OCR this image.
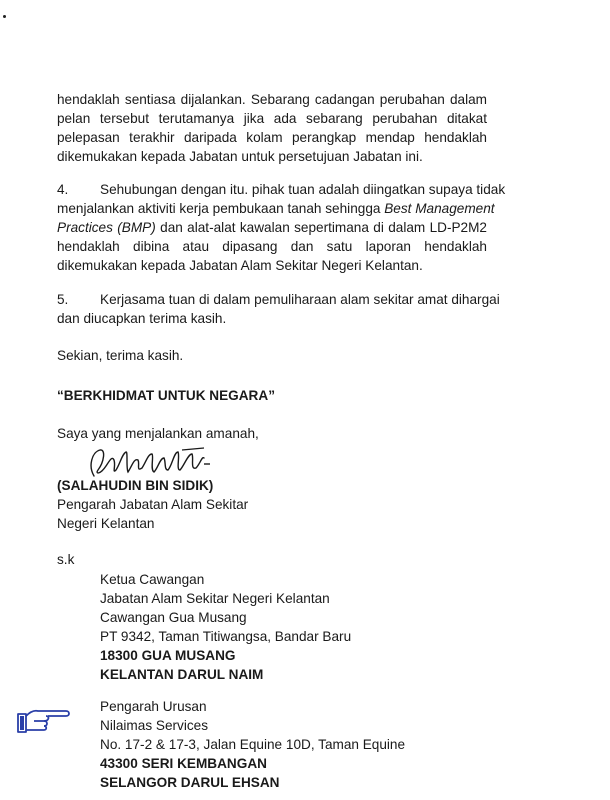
hendaklah sentiasa dijalankan. Sebarang cadangan perubahan dalam
pelan tersebut terutamanya jika ada sebarang perubahan ditakat
pelepasan terakhir daripada kolam perangkap mendap hendaklah
dikemukakan kepada Jabatan untuk persetujuan Jabatan ini.
4.	Sehubungan dengan itu. pihak tuan adalah diingatkan supaya tidak
menjalankan aktiviti kerja pembukaan tanah sehingga Best Management
Practices (BMP) dan alat-alat kawalan sepertimana di dalam LD-P2M2
hendaklah dibina atau dipasang dan satu laporan hendaklah
dikemukakan kepada Jabatan Alam Sekitar Negeri Kelantan.
5.	Kerjasama tuan di dalam pemuliharaan alam sekitar amat dihargai
dan diucapkan terima kasih.
Sekian, terima kasih.
“BERKHIDMAT UNTUK NEGARA”
Saya yang menjalankan amanah,
(SALAHUDIN BIN SIDIK)
Pengarah Jabatan Alam Sekitar
Negeri Kelantan
s.k
Ketua Cawangan
Jabatan Alam Sekitar Negeri Kelantan
Cawangan Gua Musang
PT 9342, Taman Titiwangsa, Bandar Baru
18300 GUA MUSANG
KELANTAN DARUL NAIM
Pengarah Urusan
Nilaimas Services
No. 17-2 & 17-3, Jalan Equine 10D, Taman Equine
43300 SERI KEMBANGAN
SELANGOR DARUL EHSAN
